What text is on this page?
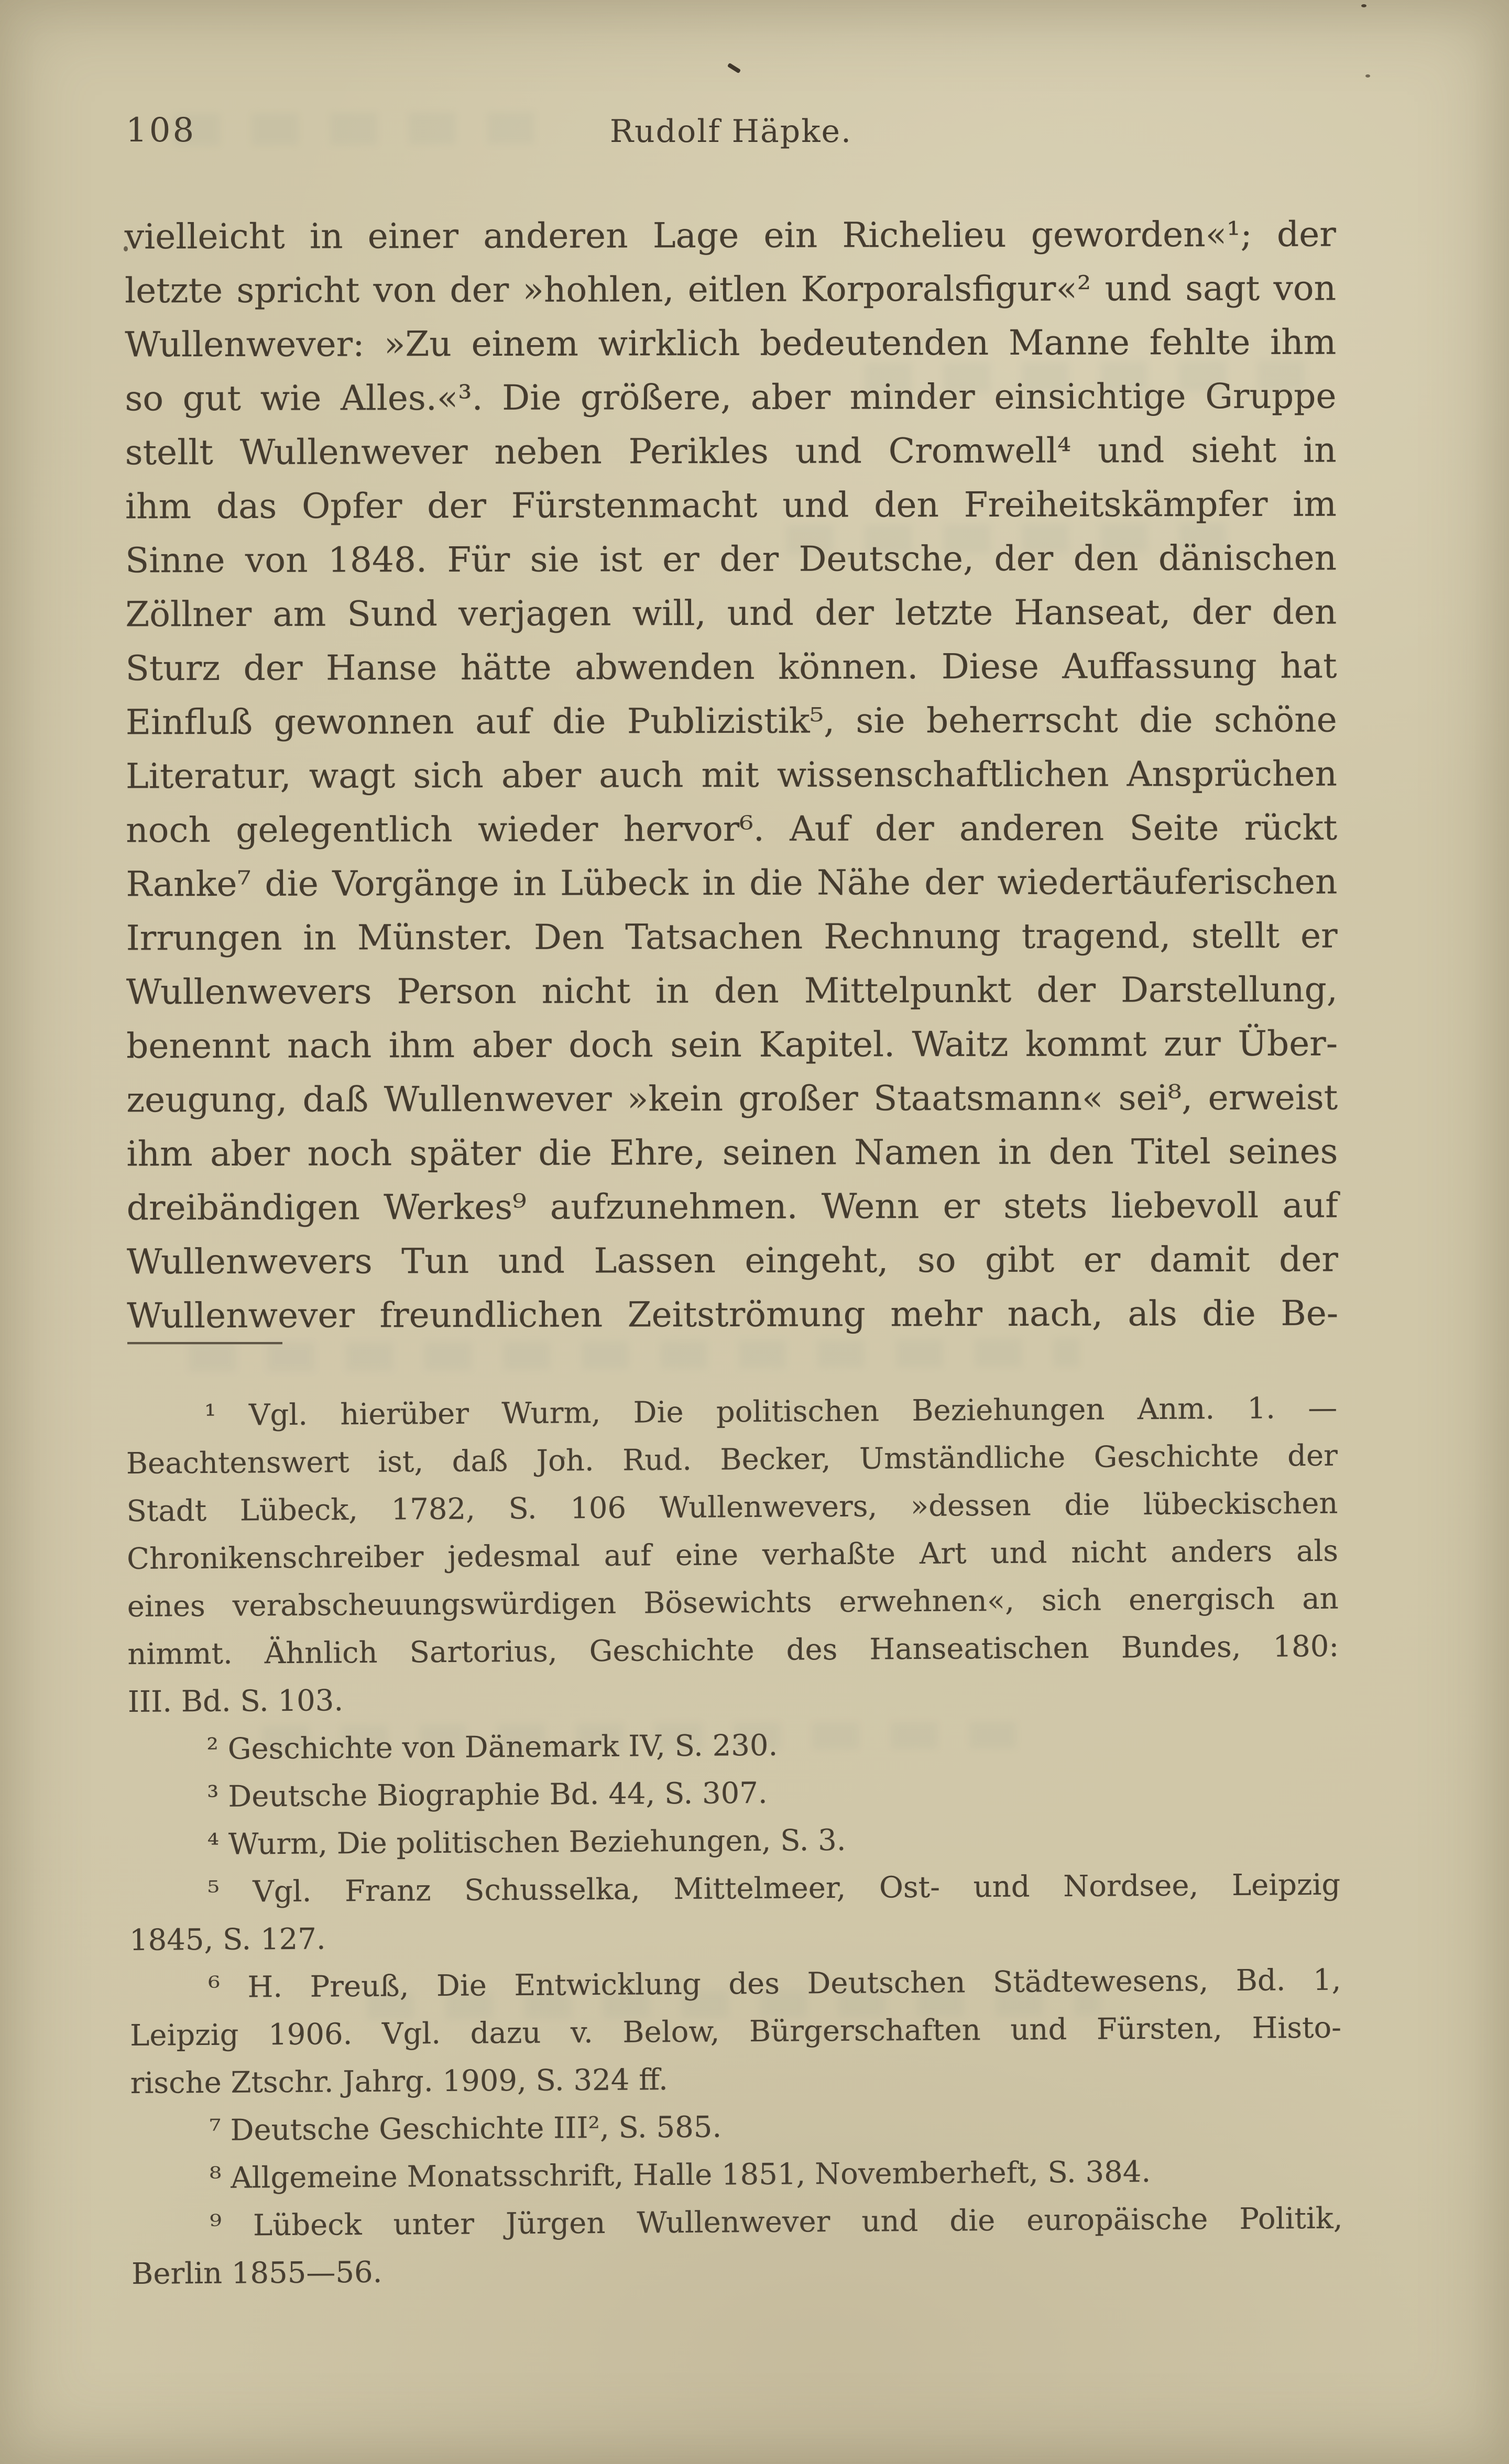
108	Rudolf Häpke.
vielleicht in einer anderen Lage ein Richelieu geworden«¹; der
letzte spricht von der »hohlen, eitlen Korporalsfigur«² und sagt von
Wullenwever: »Zu einem wirklich bedeutenden Manne fehlte ihm
so gut wie Alles.«³. Die größere, aber minder einsichtige Gruppe
stellt Wullenwever neben Perikles und Cromwell⁴ und sieht in
ihm das Opfer der Fürstenmacht und den Freiheitskämpfer im
Sinne von 1848. Für sie ist er der Deutsche, der den dänischen
Zöllner am Sund verjagen will, und der letzte Hanseat, der den
Sturz der Hanse hätte abwenden können. Diese Auffassung hat
Einfluß gewonnen auf die Publizistik⁵, sie beherrscht die schöne
Literatur, wagt sich aber auch mit wissenschaftlichen Ansprüchen
noch gelegentlich wieder hervor⁶. Auf der anderen Seite rückt
Ranke⁷ die Vorgänge in Lübeck in die Nähe der wiedertäuferischen
Irrungen in Münster. Den Tatsachen Rechnung tragend, stellt er
Wullenwevers Person nicht in den Mittelpunkt der Darstellung,
benennt nach ihm aber doch sein Kapitel. Waitz kommt zur Über-
zeugung, daß Wullenwever »kein großer Staatsmann« sei⁸, erweist
ihm aber noch später die Ehre, seinen Namen in den Titel seines
dreibändigen Werkes⁹ aufzunehmen. Wenn er stets liebevoll auf
Wullenwevers Tun und Lassen eingeht, so gibt er damit der
Wullenwever freundlichen Zeitströmung mehr nach, als die Be-
¹ Vgl. hierüber Wurm, Die politischen Beziehungen Anm. 1. —
Beachtenswert ist, daß Joh. Rud. Becker, Umständliche Geschichte der
Stadt Lübeck, 1782, S. 106 Wullenwevers, »dessen die lübeckischen
Chronikenschreiber jedesmal auf eine verhaßte Art und nicht anders als
eines verabscheuungswürdigen Bösewichts erwehnen«, sich energisch an
nimmt. Ähnlich Sartorius, Geschichte des Hanseatischen Bundes, 180:
III. Bd. S. 103.
² Geschichte von Dänemark IV, S. 230.
³ Deutsche Biographie Bd. 44, S. 307.
⁴ Wurm, Die politischen Beziehungen, S. 3.
⁵ Vgl. Franz Schusselka, Mittelmeer, Ost- und Nordsee, Leipzig
1845, S. 127.
⁶ H. Preuß, Die Entwicklung des Deutschen Städtewesens, Bd. 1,
Leipzig 1906. Vgl. dazu v. Below, Bürgerschaften und Fürsten, Histo-
rische Ztschr. Jahrg. 1909, S. 324 ff.
⁷ Deutsche Geschichte III², S. 585.
⁸ Allgemeine Monatsschrift, Halle 1851, Novemberheft, S. 384.
⁹ Lübeck unter Jürgen Wullenwever und die europäische Politik,
Berlin 1855—56.
